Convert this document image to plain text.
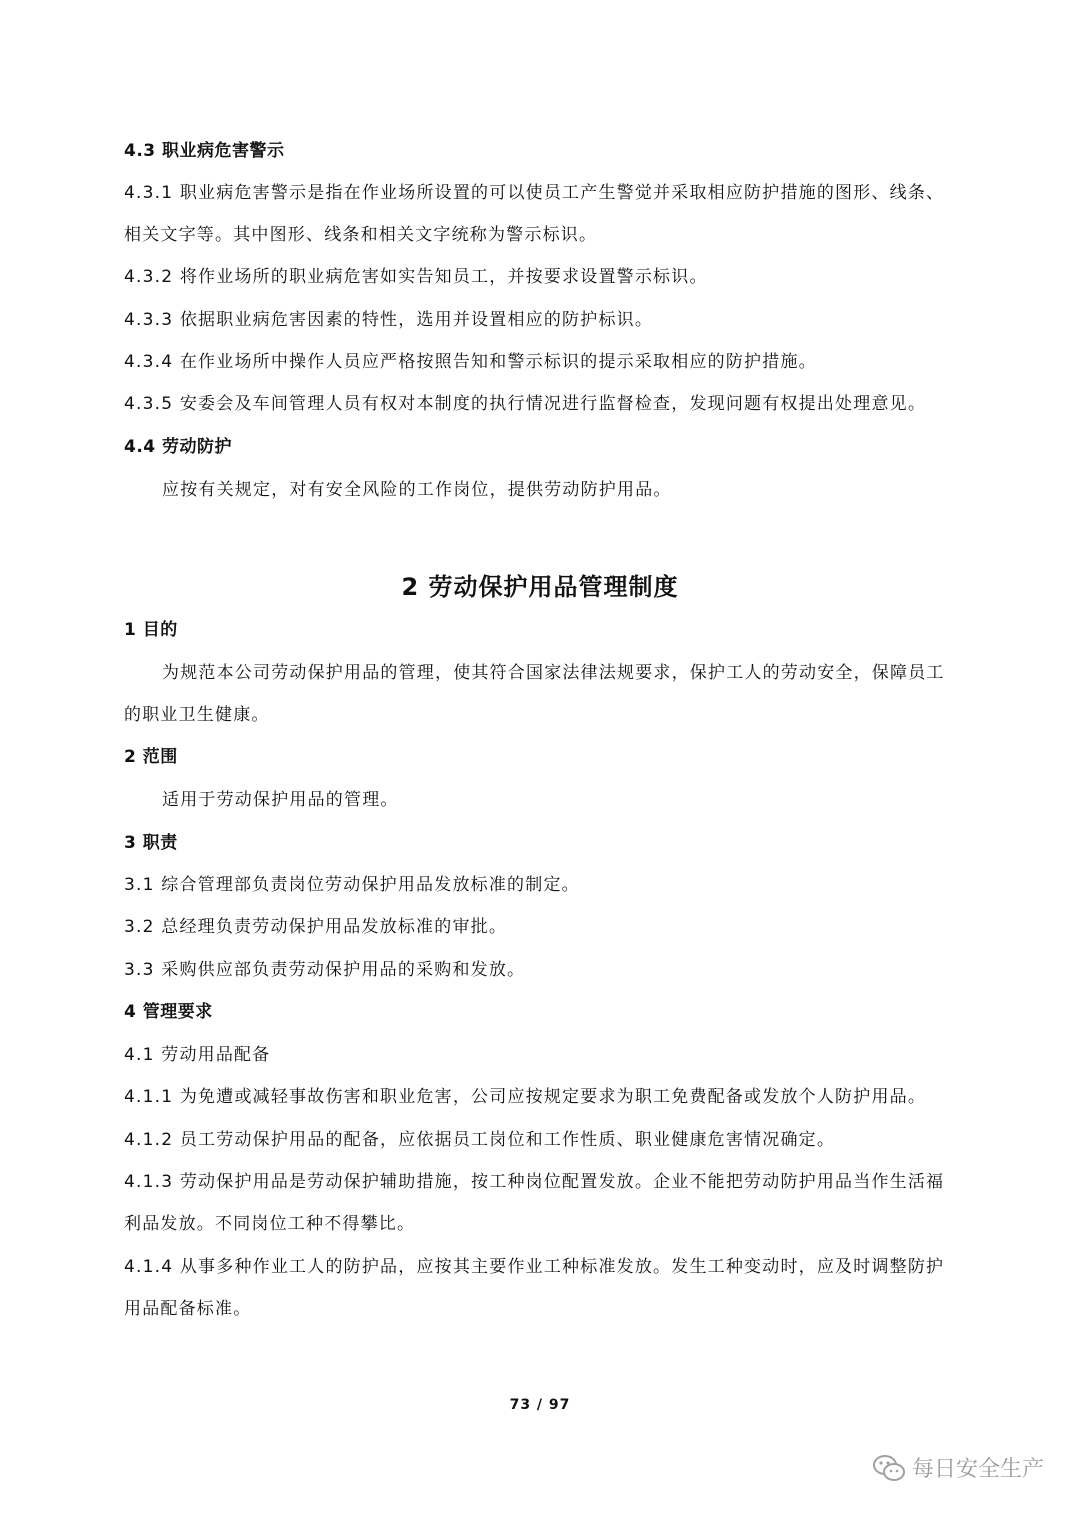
4.3 职业病危害警示
4.3.1 职业病危害警示是指在作业场所设置的可以使员工产生警觉并采取相应防护措施的图形、线条、
相关文字等。其中图形、线条和相关文字统称为警示标识。
4.3.2 将作业场所的职业病危害如实告知员工，并按要求设置警示标识。
4.3.3 依据职业病危害因素的特性，选用并设置相应的防护标识。
4.3.4 在作业场所中操作人员应严格按照告知和警示标识的提示采取相应的防护措施。
4.3.5 安委会及车间管理人员有权对本制度的执行情况进行监督检查，发现问题有权提出处理意见。
4.4 劳动防护
应按有关规定，对有安全风险的工作岗位，提供劳动防护用品。
2 劳动保护用品管理制度
1 目的
为规范本公司劳动保护用品的管理，使其符合国家法律法规要求，保护工人的劳动安全，保障员工
的职业卫生健康。
2 范围
适用于劳动保护用品的管理。
3 职责
3.1 综合管理部负责岗位劳动保护用品发放标准的制定。
3.2 总经理负责劳动保护用品发放标准的审批。
3.3 采购供应部负责劳动保护用品的采购和发放。
4 管理要求
4.1 劳动用品配备
4.1.1 为免遭或减轻事故伤害和职业危害，公司应按规定要求为职工免费配备或发放个人防护用品。
4.1.2 员工劳动保护用品的配备，应依据员工岗位和工作性质、职业健康危害情况确定。
4.1.3 劳动保护用品是劳动保护辅助措施，按工种岗位配置发放。企业不能把劳动防护用品当作生活福
利品发放。不同岗位工种不得攀比。
4.1.4 从事多种作业工人的防护品，应按其主要作业工种标准发放。发生工种变动时，应及时调整防护
用品配备标准。
73 / 97
每日安全生产
